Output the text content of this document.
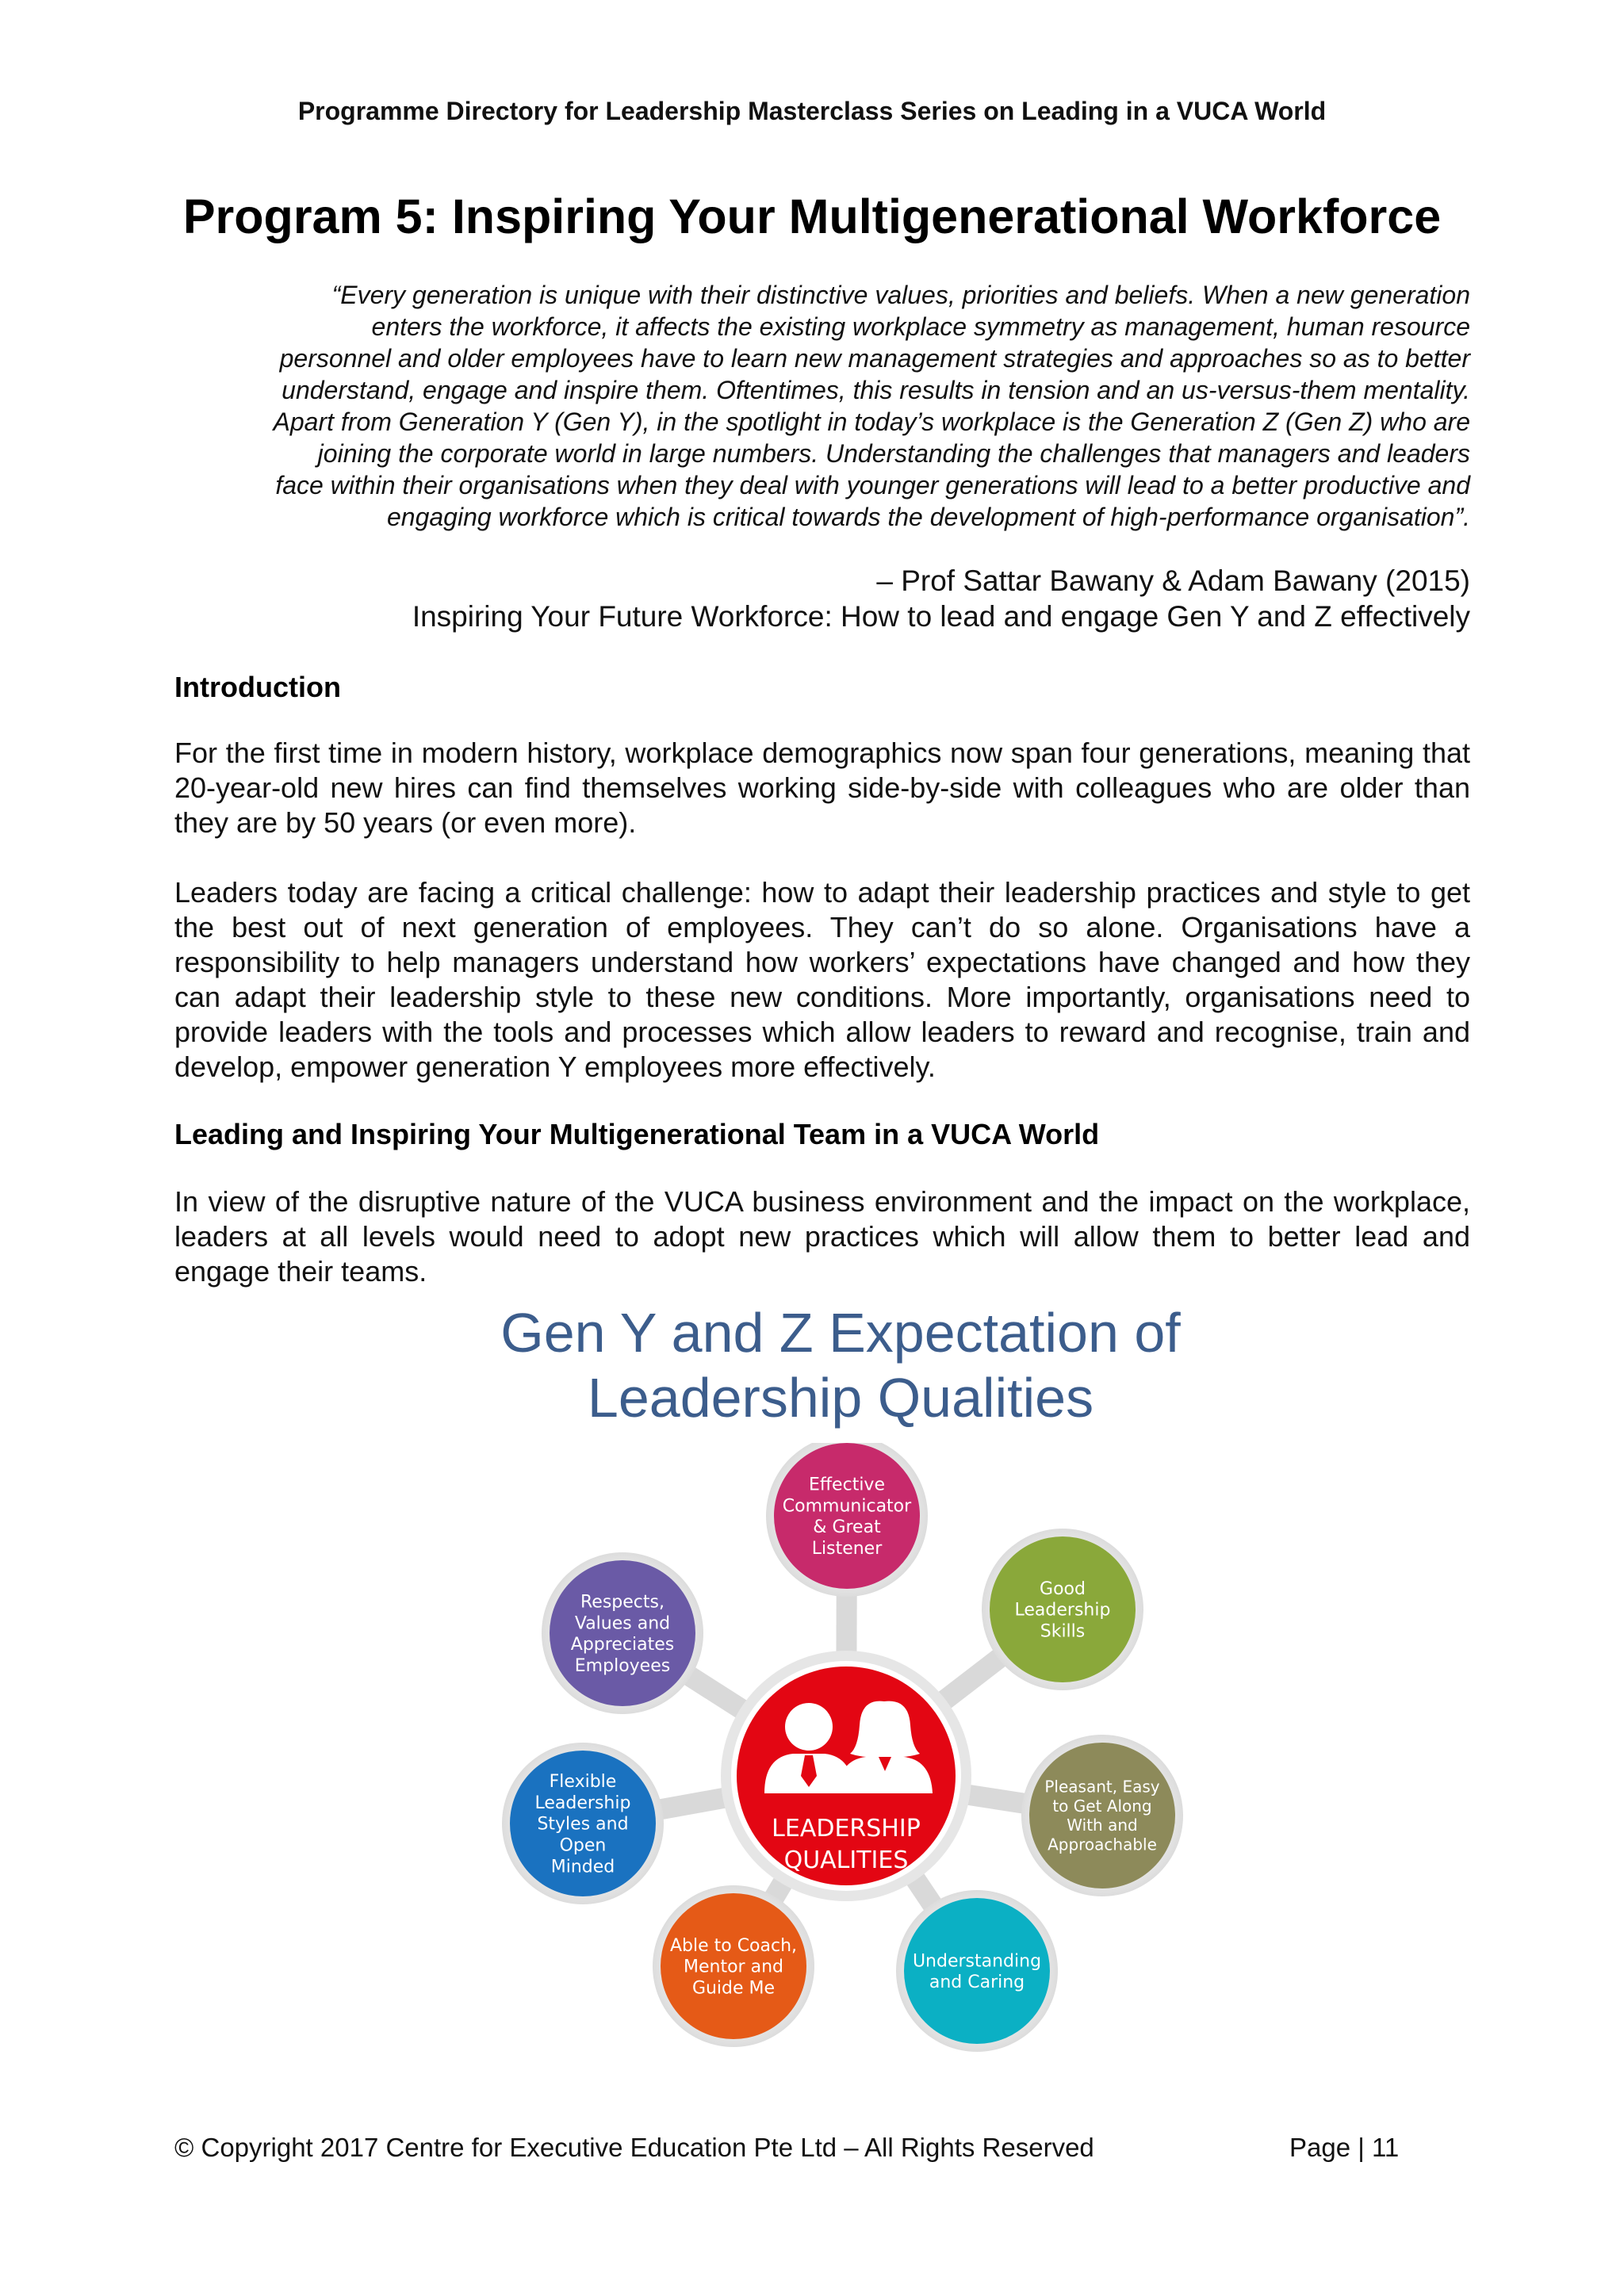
Programme Directory for Leadership Masterclass Series on Leading in a VUCA World
Program 5: Inspiring Your Multigenerational Workforce
“Every generation is unique with their distinctive values, priorities and beliefs. When a new generation
enters the workforce, it affects the existing workplace symmetry as management, human resource
personnel and older employees have to learn new management strategies and approaches so as to better
understand, engage and inspire them. Oftentimes, this results in tension and an us-versus-them mentality.
Apart from Generation Y (Gen Y), in the spotlight in today’s workplace is the Generation Z (Gen Z) who are
joining the corporate world in large numbers. Understanding the challenges that managers and leaders
face within their organisations when they deal with younger generations will lead to a better productive and
engaging workforce which is critical towards the development of high-performance organisation”.
– Prof Sattar Bawany & Adam Bawany (2015)
Inspiring Your Future Workforce: How to lead and engage Gen Y and Z effectively
Introduction

For the first time in modern history, workplace demographics now span four generations, meaning that 20-year-old new hires can find themselves working side-by-side with colleagues who are older than they are by 50 years (or even more).

Leaders today are facing a critical challenge: how to adapt their leadership practices and style to get the best out of next generation of employees. They can’t do so alone. Organisations have a responsibility to help managers understand how workers’ expectations have changed and how they can adapt their leadership style to these new conditions. More importantly, organisations need to provide leaders with the tools and processes which allow leaders to reward and recognise, train and develop, empower generation Y employees more effectively.

Leading and Inspiring Your Multigenerational Team in a VUCA World

In view of the disruptive nature of the VUCA business environment and the impact on the workplace, leaders at all levels would need to adopt new practices which will allow them to better lead and engage their teams.

Gen Y and Z Expectation of
Leadership Qualities
Effective
Communicator
& Great
Listener
Good
Leadership
Skills
Pleasant, Easy
to Get Along
With and
Approachable
Understanding
and Caring
Able to Coach,
Mentor and
Guide Me
Flexible
Leadership
Styles and
Open
Minded
Respects,
Values and
Appreciates
Employees
LEADERSHIP
QUALITIES
© Copyright 2017 Centre for Executive Education Pte Ltd – All Rights Reserved	Page | 11
